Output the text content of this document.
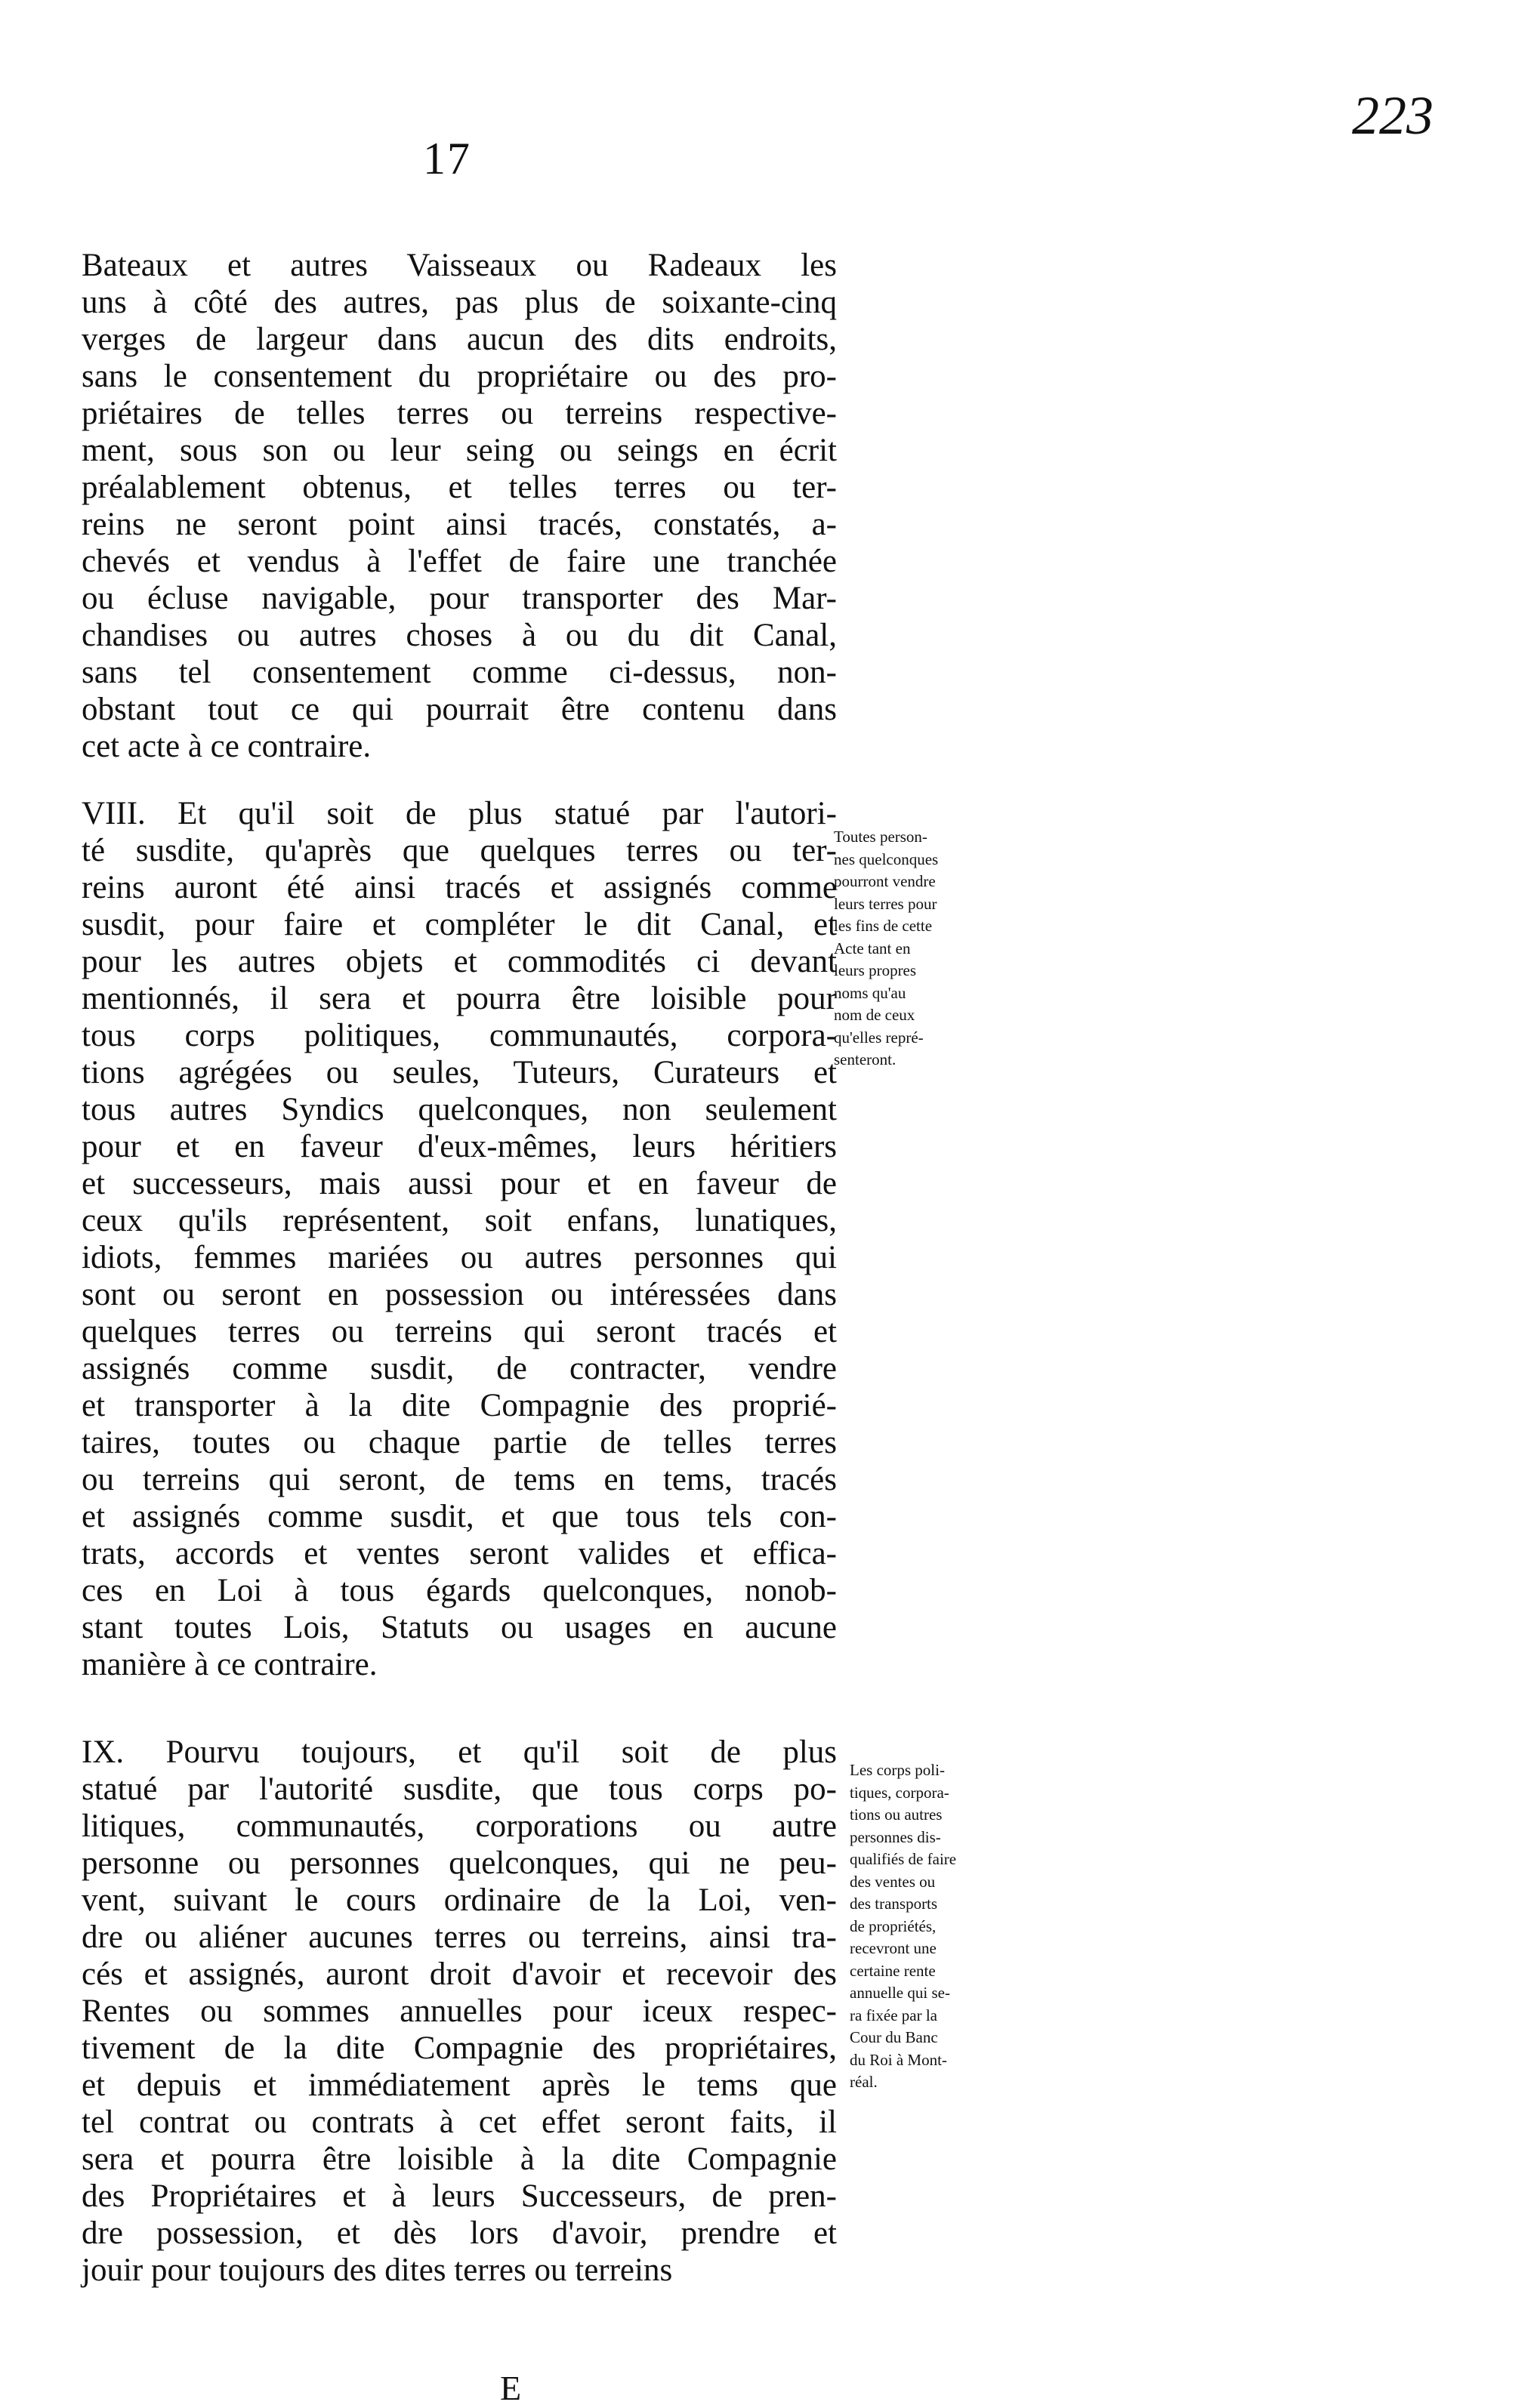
17
223
Bateaux et autres Vaisseaux ou Radeaux les
uns à côté des autres, pas plus de soixante-cinq
verges de largeur dans aucun des dits endroits,
sans le consentement du propriétaire ou des pro-
priétaires de telles terres ou terreins respective-
ment, sous son ou leur seing ou seings en écrit
préalablement obtenus, et telles terres ou ter-
reins ne seront point ainsi tracés, constatés, a-
chevés et vendus à l'effet de faire une tranchée
ou écluse navigable, pour transporter des Mar-
chandises ou autres choses à ou du dit Canal,
sans tel consentement comme ci-dessus, non-
obstant tout ce qui pourrait être contenu dans
cet acte à ce contraire.
VIII. Et qu'il soit de plus statué par l'autori-
té susdite, qu'après que quelques terres ou ter-
reins auront été ainsi tracés et assignés comme
susdit, pour faire et compléter le dit Canal, et
pour les autres objets et commodités ci devant
mentionnés, il sera et pourra être loisible pour
tous corps politiques, communautés, corpora-
tions agrégées ou seules, Tuteurs, Curateurs et
tous autres Syndics quelconques, non seulement
pour et en faveur d'eux-mêmes, leurs héritiers
et successeurs, mais aussi pour et en faveur de
ceux qu'ils représentent, soit enfans, lunatiques,
idiots, femmes mariées ou autres personnes qui
sont ou seront en possession ou intéressées dans
quelques terres ou terreins qui seront tracés et
assignés comme susdit, de contracter, vendre
et transporter à la dite Compagnie des proprié-
taires, toutes ou chaque partie de telles terres
ou terreins qui seront, de tems en tems, tracés
et assignés comme susdit, et que tous tels con-
trats, accords et ventes seront valides et effica-
ces en Loi à tous égards quelconques, nonob-
stant toutes Lois, Statuts ou usages en aucune
manière à ce contraire.
IX. Pourvu toujours, et qu'il soit de plus
statué par l'autorité susdite, que tous corps po-
litiques, communautés, corporations ou autre
personne ou personnes quelconques, qui ne peu-
vent, suivant le cours ordinaire de la Loi, ven-
dre ou aliéner aucunes terres ou terreins, ainsi tra-
cés et assignés, auront droit d'avoir et recevoir des
Rentes ou sommes annuelles pour iceux respec-
tivement de la dite Compagnie des propriétaires,
et depuis et immédiatement après le tems que
tel contrat ou contrats à cet effet seront faits, il
sera et pourra être loisible à la dite Compagnie
des Propriétaires et à leurs Successeurs, de pren-
dre possession, et dès lors d'avoir, prendre et
jouir pour toujours des dites terres ou terreins
Toutes person-
nes quelconques
pourront vendre
leurs terres pour
les fins de cette
Acte tant en
leurs propres
noms qu'au
nom de ceux
qu'elles repré-
senteront.
Les corps poli-
tiques, corpora-
tions ou autres
personnes dis-
qualifiés de faire
des ventes ou
des transports
de propriétés,
recevront une
certaine rente
annuelle qui se-
ra fixée par la
Cour du Banc
du Roi à Mont-
réal.
E
